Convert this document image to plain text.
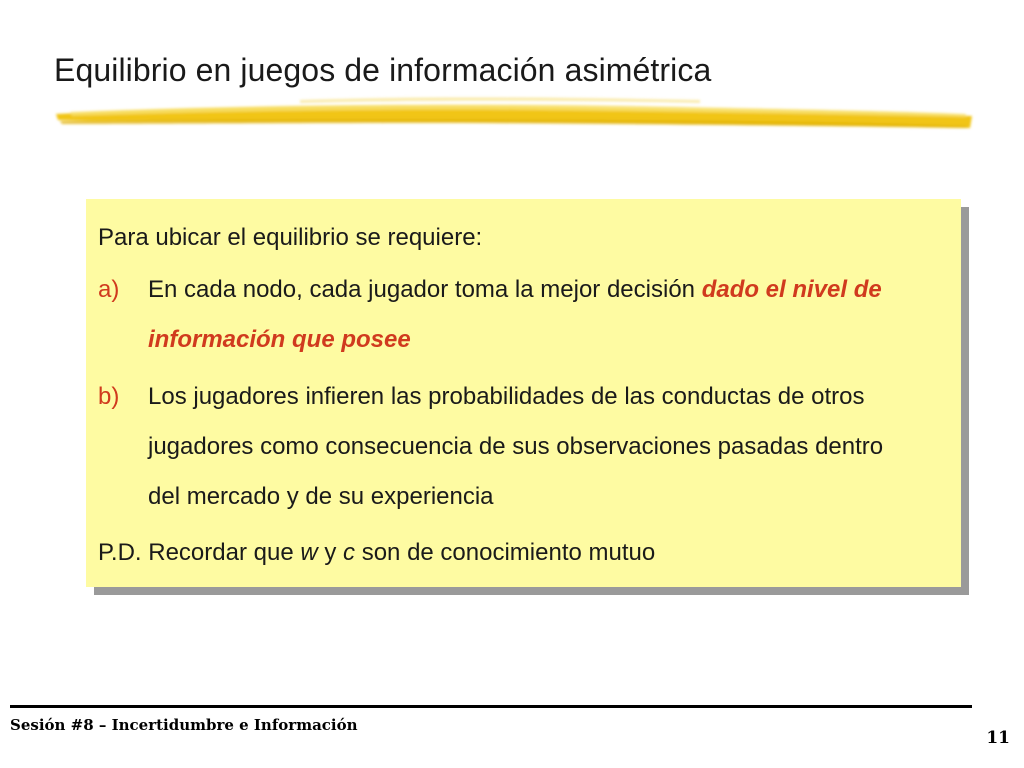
Equilibrio en juegos de información asimétrica
Para ubicar el equilibrio se requiere:
a) En cada nodo, cada jugador toma la mejor decisión dado el nivel de información que posee
b) Los jugadores infieren las probabilidades de las conductas de otros jugadores como consecuencia de sus observaciones pasadas dentro del mercado y de su experiencia
P.D. Recordar que w y c son de conocimiento mutuo
Sesión #8 – Incertidumbre e Información
11
